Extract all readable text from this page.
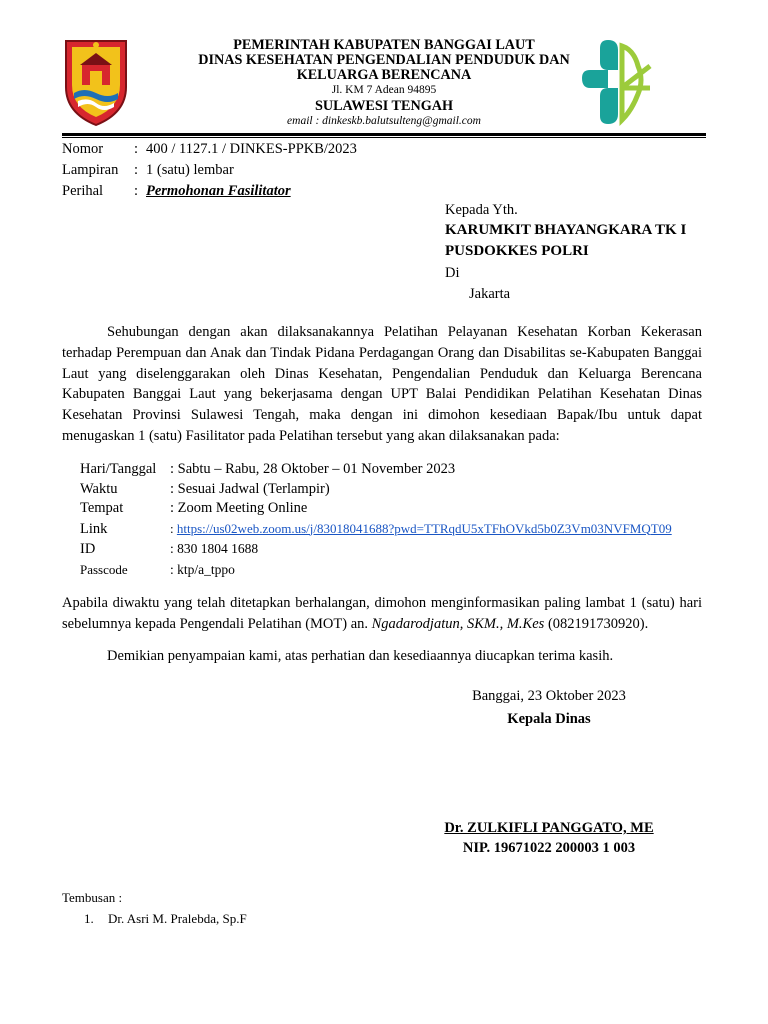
PEMERINTAH KABUPATEN BANGGAI LAUT
DINAS KESEHATAN PENGENDALIAN PENDUDUK DAN
KELUARGA BERENCANA
Jl. KM 7 Adean 94895
SULAWESI TENGAH
email : dinkeskb.balutsulteng@gmail.com
Nomor : 400 / 1127.1 / DINKES-PPKB/2023
Lampiran : 1 (satu) lembar
Perihal : Permohonan Fasilitator
Kepada Yth.
KARUMKIT BHAYANGKARA TK I
PUSDOKKES POLRI
Di
Jakarta
Sehubungan dengan akan dilaksanakannya Pelatihan Pelayanan Kesehatan Korban Kekerasan terhadap Perempuan dan Anak dan Tindak Pidana Perdagangan Orang dan Disabilitas se-Kabupaten Banggai Laut yang diselenggarakan oleh Dinas Kesehatan, Pengendalian Penduduk dan Keluarga Berencana Kabupaten Banggai Laut yang bekerjasama dengan UPT Balai Pendidikan Pelatihan Kesehatan Dinas Kesehatan Provinsi Sulawesi Tengah, maka dengan ini dimohon kesediaan Bapak/Ibu untuk dapat menugaskan 1 (satu) Fasilitator pada Pelatihan tersebut yang akan dilaksanakan pada:
Hari/Tanggal : Sabtu – Rabu, 28 Oktober – 01 November 2023
Waktu	: Sesuai Jadwal (Terlampir)
Tempat	: Zoom Meeting Online
Link	: https://us02web.zoom.us/j/83018041688?pwd=TTRqdU5xTFhOVkd5b0Z3Vm03NVFMQT09
ID	: 830 1804 1688
Passcode	: ktp/a_tppo
Apabila diwaktu yang telah ditetapkan berhalangan, dimohon menginformasikan paling lambat 1 (satu) hari sebelumnya kepada Pengendali Pelatihan (MOT) an. Ngadarodjatun, SKM., M.Kes (082191730920).
Demikian penyampaian kami, atas perhatian dan kesediaannya diucapkan terima kasih.
Banggai, 23 Oktober 2023
Kepala Dinas
Dr. ZULKIFLI PANGGATO, ME
NIP. 19671022 200003 1 003
Tembusan :
1. Dr. Asri M. Pralebda, Sp.F
